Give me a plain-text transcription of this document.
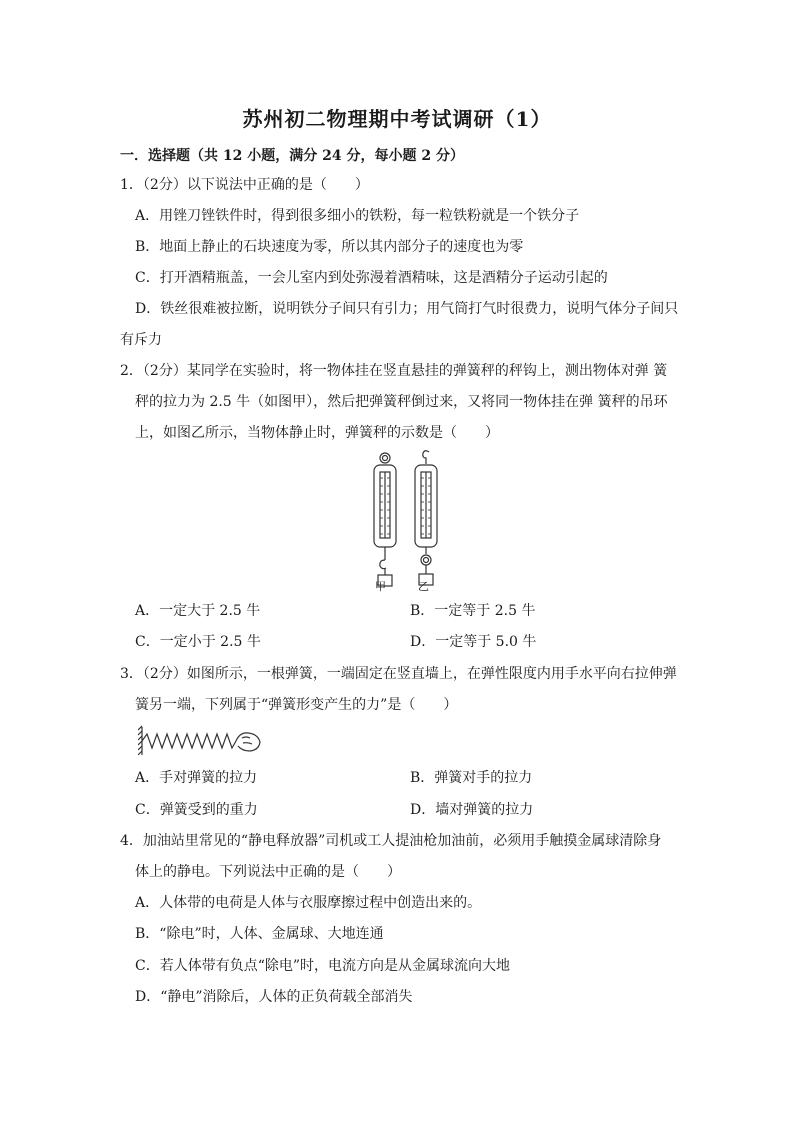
苏州初二物理期中考试调研（1）
一．选择题（共 12 小题，满分 24 分，每小题 2 分）
1．（2分）以下说法中正确的是（　　）
A．用锉刀锉铁件时，得到很多细小的铁粉，每一粒铁粉就是一个铁分子
B．地面上静止的石块速度为零，所以其内部分子的速度也为零
C．打开酒精瓶盖，一会儿室内到处弥漫着酒精味，这是酒精分子运动引起的
D．铁丝很难被拉断，说明铁分子间只有引力；用气筒打气时很费力，说明气体分子间只
有斥力
2．（2分）某同学在实验时，将一物体挂在竖直悬挂的弹簧秤的秤钩上，测出物体对弹 簧
秤的拉力为 2.5 牛（如图甲），然后把弹簧秤倒过来，又将同一物体挂在弹 簧秤的吊环
上，如图乙所示，当物体静止时，弹簧秤的示数是（　　）
甲	乙
A．一定大于 2.5 牛	B．一定等于 2.5 牛
C．一定小于 2.5 牛	D．一定等于 5.0 牛
3．（2分）如图所示，一根弹簧，一端固定在竖直墙上，在弹性限度内用手水平向右拉伸弹
簧另一端，下列属于“弹簧形变产生的力”是（　　）
A．手对弹簧的拉力	B．弹簧对手的拉力
C．弹簧受到的重力	D．墙对弹簧的拉力
4．加油站里常见的“静电释放器”司机或工人提油枪加油前，必须用手触摸金属球清除身
体上的静电。下列说法中正确的是（　　）
A．人体带的电荷是人体与衣服摩擦过程中创造出来的。
B．“除电”时，人体、金属球、大地连通
C．若人体带有负点“除电”时，电流方向是从金属球流向大地
D．“静电”消除后，人体的正负荷载全部消失
